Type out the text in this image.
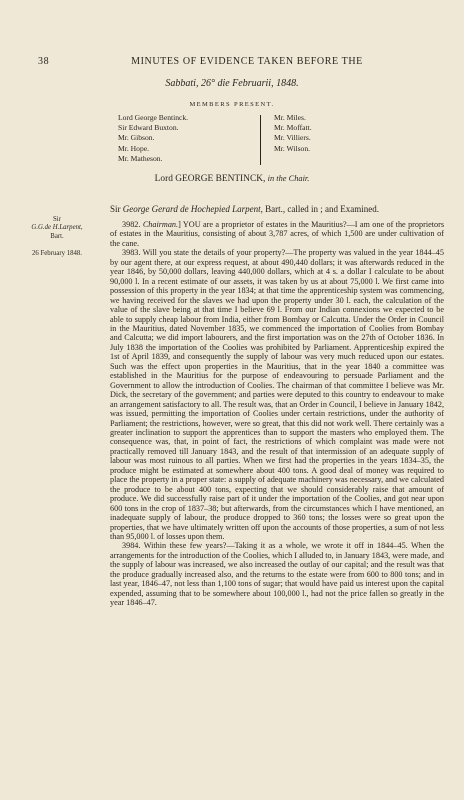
38	MINUTES OF EVIDENCE TAKEN BEFORE THE
Sabbati, 26° die Februarii, 1848.
MEMBERS PRESENT.
Lord George Bentinck.
Sir Edward Buxton.
Mr. Gibson.
Mr. Hope.
Mr. Matheson.
Mr. Miles.
Mr. Moffatt.
Mr. Villiers.
Mr. Wilson.
Lord GEORGE BENTINCK, in the Chair.
Sir George Gerard de Hochepied Larpent, Bart., called in ; and Examined.
Sir
G.G.de H.Larpent,
Bart.
26 February 1848.

3982. Chairman.] YOU are a proprietor of estates in the Mauritius?—I am one of the proprietors of estates in the Mauritius, consisting of about 3,787 acres, of which 1,500 are under cultivation of the cane.

3983. Will you state the details of your property?—The property was valued in the year 1844–45 by our agent there, at our express request, at about 490,440 dollars; it was afterwards reduced in the year 1846, by 50,000 dollars, leaving 440,000 dollars, which at 4 s. a dollar I calculate to be about 90,000 l. In a recent estimate of our assets, it was taken by us at about 75,000 l. We first came into possession of this property in the year 1834; at that time the apprenticeship system was commencing, we having received for the slaves we had upon the property under 30 l. each, the calculation of the value of the slave being at that time I believe 69 l. From our Indian connexions we expected to be able to supply cheap labour from India, either from Bombay or Calcutta. Under the Order in Council in the Mauritius, dated November 1835, we commenced the importation of Coolies from Bombay and Calcutta; we did import labourers, and the first importation was on the 27th of October 1836. In July 1838 the importation of the Coolies was prohibited by Parliament. Apprenticeship expired the 1st of April 1839, and consequently the supply of labour was very much reduced upon our estates. Such was the effect upon properties in the Mauritius, that in the year 1840 a committee was established in the Mauritius for the purpose of endeavouring to persuade Parliament and the Government to allow the introduction of Coolies. The chairman of that committee I believe was Mr. Dick, the secretary of the government; and parties were deputed to this country to endeavour to make an arrangement satisfactory to all. The result was, that an Order in Council, I believe in January 1842, was issued, permitting the importation of Coolies under certain restrictions, under the authority of Parliament; the restrictions, however, were so great, that this did not work well. There certainly was a greater inclination to support the apprentices than to support the masters who employed them. The consequence was, that, in point of fact, the restrictions of which complaint was made were not practically removed till January 1843, and the result of that intermission of an adequate supply of labour was most ruinous to all parties. When we first had the properties in the years 1834–35, the produce might be estimated at somewhere about 400 tons. A good deal of money was required to place the property in a proper state: a supply of adequate machinery was necessary, and we calculated the produce to be about 400 tons, expecting that we should considerably raise that amount of produce. We did successfully raise part of it under the importation of the Coolies, and got near upon 600 tons in the crop of 1837–38; but afterwards, from the circumstances which I have mentioned, an inadequate supply of labour, the produce dropped to 360 tons; the losses were so great upon the properties, that we have ultimately written off upon the accounts of those properties, a sum of not less than 95,000 l. of losses upon them.

3984. Within these few years?—Taking it as a whole, we wrote it off in 1844–45. When the arrangements for the introduction of the Coolies, which I alluded to, in January 1843, were made, and the supply of labour was increased, we also increased the outlay of our capital; and the result was that the produce gradually increased also, and the returns to the estate were from 600 to 800 tons; and in last year, 1846–47, not less than 1,100 tons of sugar; that would have paid us interest upon the capital expended, assuming that to be somewhere about 100,000 l., had not the price fallen so greatly in the year 1846–47.
